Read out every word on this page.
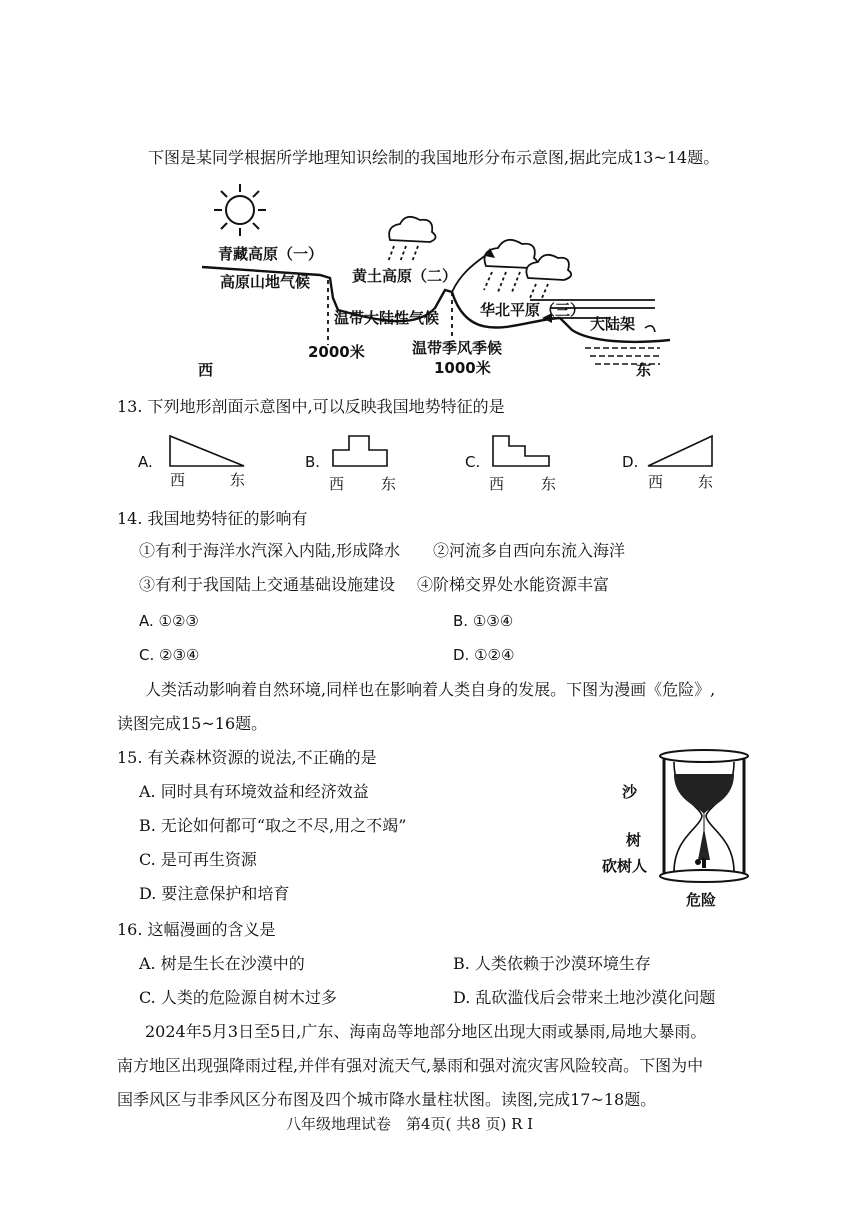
下图是某同学根据所学地理知识绘制的我国地形分布示意图,据此完成13~14题。
青藏高原（一）
高原山地气候	黄土高原（二）
温带大陆性气候	华北平原（三）
大陆架
2000米	温带季风季候
1000米
西	东
13. 下列地形剖面示意图中,可以反映我国地势特征的是
A.
西	东
B.
西 东
C.
西 东
D.
西 东
14. 我国地势特征的影响有
①有利于海洋水汽深入内陆,形成降水 ②河流多自西向东流入海洋
③有利于我国陆上交通基础设施建设 ④阶梯交界处水能资源丰富
A. ①②③	B. ①③④
C. ②③④	D. ①②④
人类活动影响着自然环境,同样也在影响着人类自身的发展。下图为漫画《危险》,
读图完成15~16题。
15. 有关森林资源的说法,不正确的是
A. 同时具有环境效益和经济效益
B. 无论如何都可“取之不尽,用之不竭”
C. 是可再生资源
D. 要注意保护和培育
沙
树
砍树人
危险
16. 这幅漫画的含义是
A. 树是生长在沙漠中的	B. 人类依赖于沙漠环境生存
C. 人类的危险源自树木过多	D. 乱砍滥伐后会带来土地沙漠化问题
2024年5月3日至5日,广东、海南岛等地部分地区出现大雨或暴雨,局地大暴雨。
南方地区出现强降雨过程,并伴有强对流天气,暴雨和强对流灾害风险较高。下图为中
国季风区与非季风区分布图及四个城市降水量柱状图。读图,完成17~18题。
八年级地理试卷　第4页( 共8 页) R I
